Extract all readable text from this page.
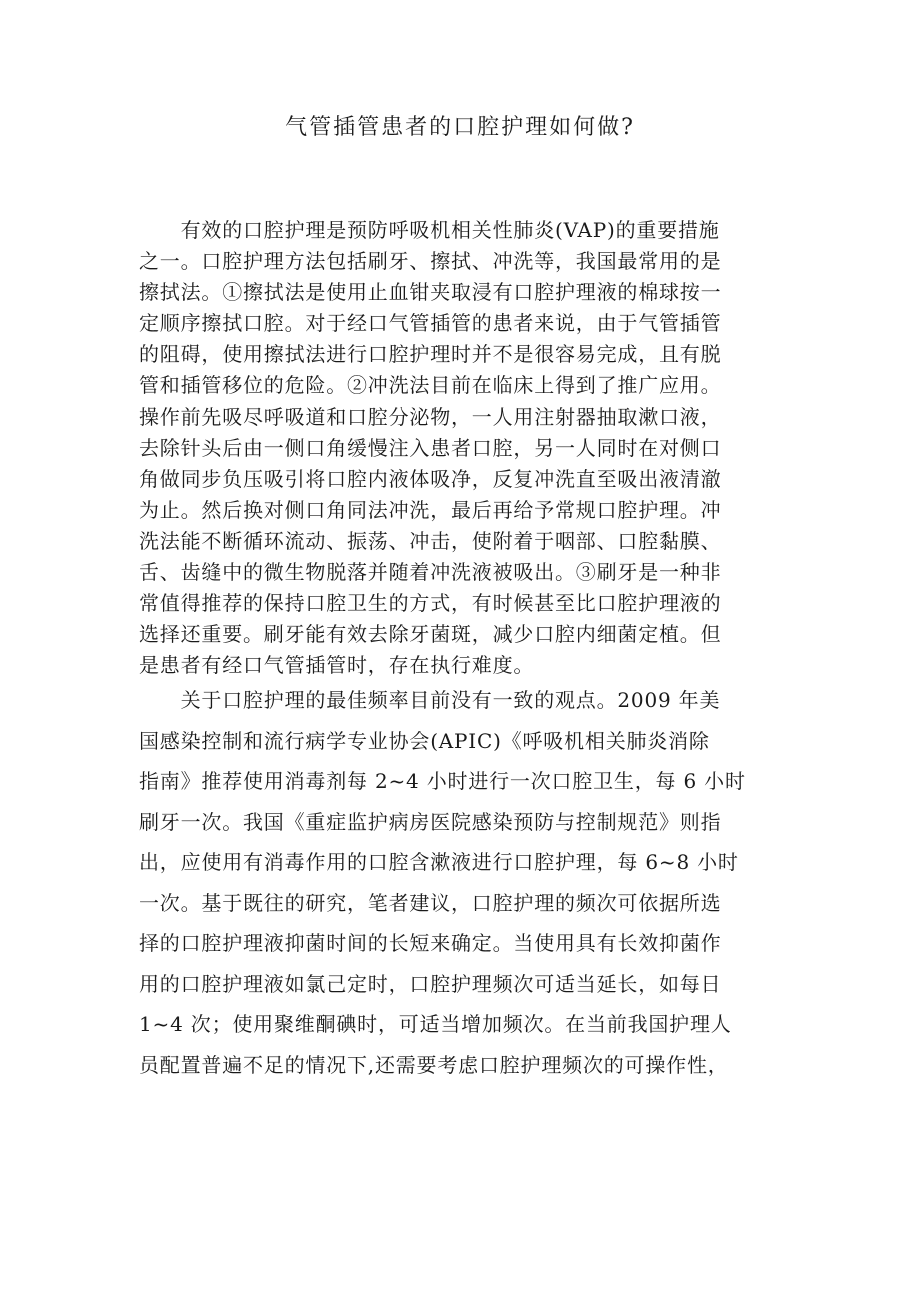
气管插管患者的口腔护理如何做?
　　有效的口腔护理是预防呼吸机相关性肺炎(VAP)的重要措施
之一。口腔护理方法包括刷牙、擦拭、冲洗等，我国最常用的是
擦拭法。①擦拭法是使用止血钳夹取浸有口腔护理液的棉球按一
定顺序擦拭口腔。对于经口气管插管的患者来说，由于气管插管
的阻碍，使用擦拭法进行口腔护理时并不是很容易完成，且有脱
管和插管移位的危险。②冲洗法目前在临床上得到了推广应用。
操作前先吸尽呼吸道和口腔分泌物，一人用注射器抽取漱口液，
去除针头后由一侧口角缓慢注入患者口腔，另一人同时在对侧口
角做同步负压吸引将口腔内液体吸净，反复冲洗直至吸出液清澈
为止。然后换对侧口角同法冲洗，最后再给予常规口腔护理。冲
洗法能不断循环流动、振荡、冲击，使附着于咽部、口腔黏膜、
舌、齿缝中的微生物脱落并随着冲洗液被吸出。③刷牙是一种非
常值得推荐的保持口腔卫生的方式，有时候甚至比口腔护理液的
选择还重要。刷牙能有效去除牙菌斑，减少口腔内细菌定植。但
是患者有经口气管插管时，存在执行难度。
　　关于口腔护理的最佳频率目前没有一致的观点。2009 年美
国感染控制和流行病学专业协会(APIC)《呼吸机相关肺炎消除
指南》推荐使用消毒剂每 2~4 小时进行一次口腔卫生，每 6 小时
刷牙一次。我国《重症监护病房医院感染预防与控制规范》则指
出，应使用有消毒作用的口腔含漱液进行口腔护理，每 6~8 小时
一次。基于既往的研究，笔者建议，口腔护理的频次可依据所选
择的口腔护理液抑菌时间的长短来确定。当使用具有长效抑菌作
用的口腔护理液如氯己定时，口腔护理频次可适当延长，如每日
1~4 次；使用聚维酮碘时，可适当增加频次。在当前我国护理人
员配置普遍不足的情况下,还需要考虑口腔护理频次的可操作性，
